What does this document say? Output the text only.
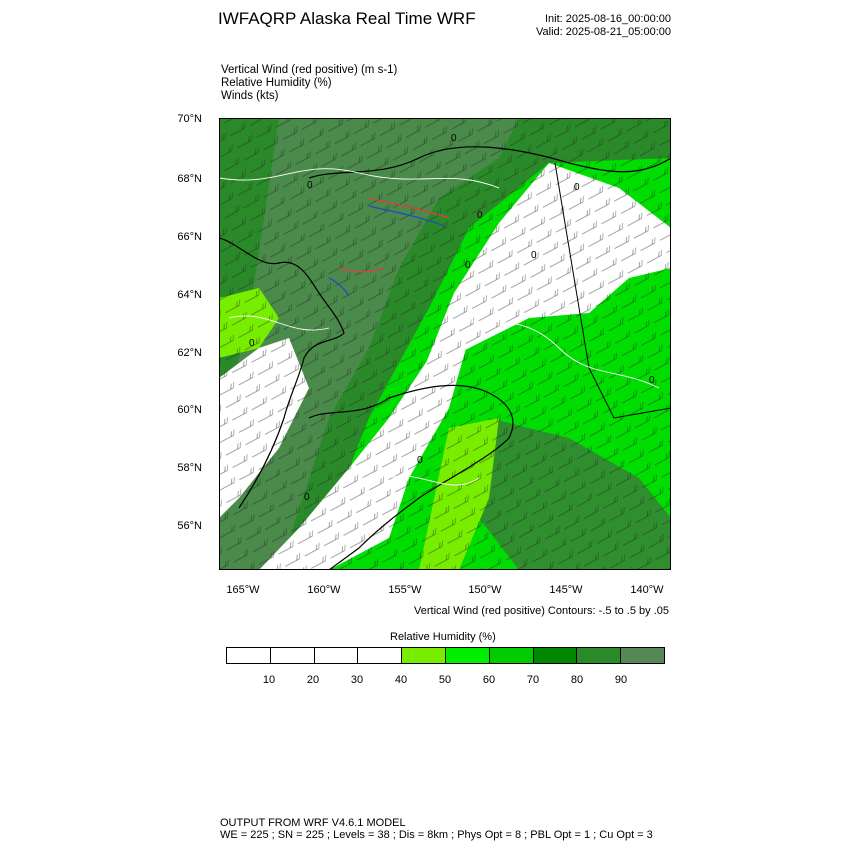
IWFAQRP Alaska Real Time WRF	Init: 2025-08-16_00:00:00
Valid: 2025-08-21_05:00:00
Vertical Wind (red positive) (m s-1)
Relative Humidity (%)
Winds (kts)
0
0	0
0
0
0
0
0
0
0
70°N
68°N
66°N
64°N
62°N
60°N
58°N
56°N
165°W	160°W	155°W	150°W	145°W	140°W
Vertical Wind (red positive) Contours: -.5 to .5 by .05
Relative Humidity (%)
10	20	30	40	50	60	70	80	90
OUTPUT FROM WRF V4.6.1 MODEL
WE = 225 ; SN = 225 ; Levels = 38 ; Dis = 8km ; Phys Opt = 8 ; PBL Opt = 1 ; Cu Opt = 3
